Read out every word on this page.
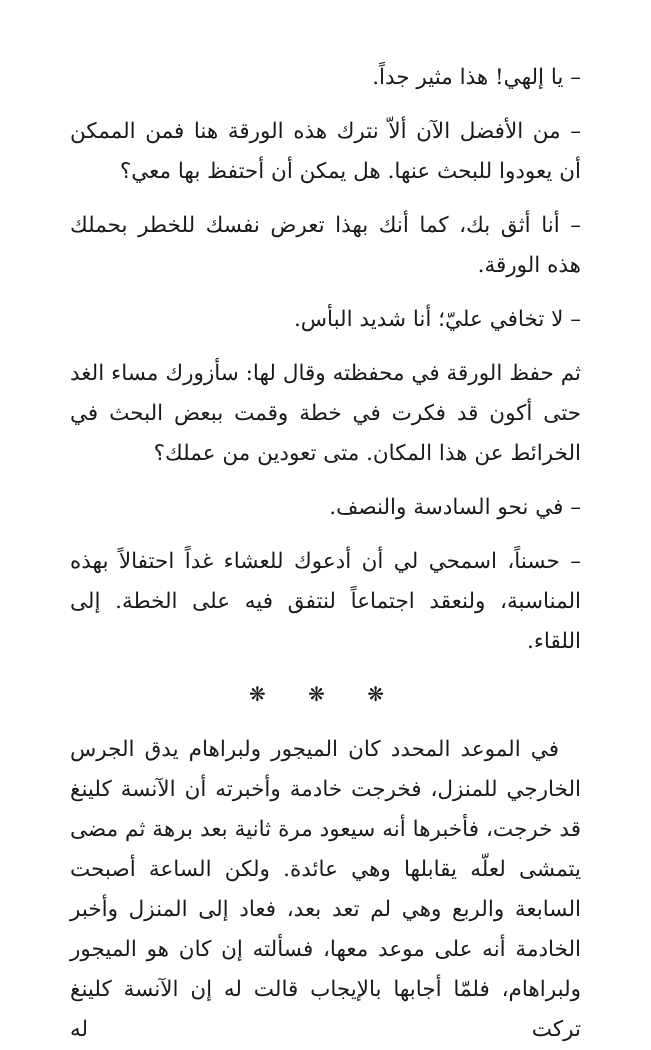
– يا إلهي! هذا مثير جداً.

– من الأفضل الآن ألاّ نترك هذه الورقة هنا فمن الممكن أن يعودوا للبحث عنها. هل يمكن أن أحتفظ بها معي؟

– أنا أثق بك، كما أنك بهذا تعرض نفسك للخطر بحملك هذه الورقة.

– لا تخافي عليّ؛ أنا شديد البأس.

ثم حفظ الورقة في محفظته وقال لها: سأزورك مساء الغد حتى أكون قد فكرت في خطة وقمت ببعض البحث في الخرائط عن هذا المكان. متى تعودين من عملك؟

– في نحو السادسة والنصف.

– حسناً، اسمحي لي أن أدعوك للعشاء غداً احتفالاً بهذه المناسبة، ولنعقد اجتماعاً لنتفق فيه على الخطة. إلى اللقاء.

❋ ❋ ❋

في الموعد المحدد كان الميجور ولبراهام يدق الجرس الخارجي للمنزل، فخرجت خادمة وأخبرته أن الآنسة كلينغ قد خرجت، فأخبرها أنه سيعود مرة ثانية بعد برهة ثم مضى يتمشى لعلّه يقابلها وهي عائدة. ولكن الساعة أصبحت السابعة والربع وهي لم تعد بعد، فعاد إلى المنزل وأخبر الخادمة أنه على موعد معها، فسألته إن كان هو الميجور ولبراهام، فلمّا أجابها بالإيجاب قالت له إن الآنسة كلينغ تركت له
